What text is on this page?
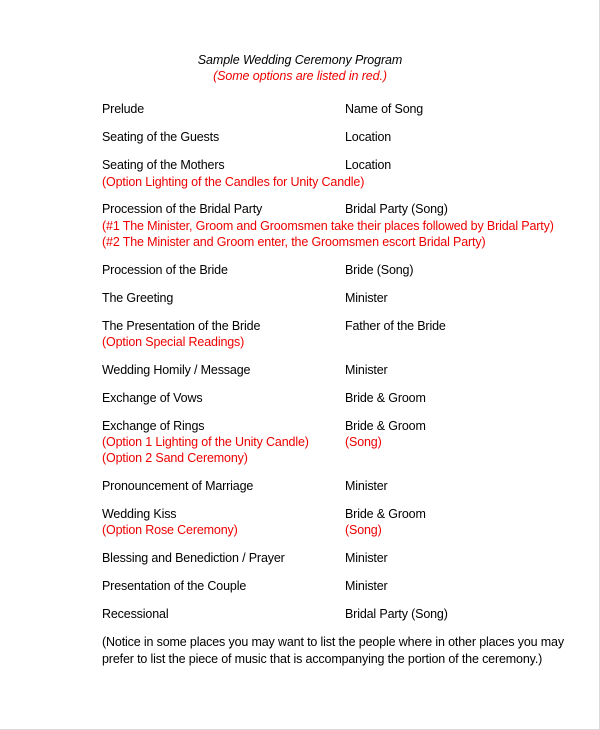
Sample Wedding Ceremony Program
(Some options are listed in red.)
Prelude	Name of Song
Seating of the Guests	Location
Seating of the Mothers	Location
(Option Lighting of the Candles for Unity Candle)
Procession of the Bridal Party	Bridal Party (Song)
(#1 The Minister, Groom and Groomsmen take their places followed by Bridal Party)
(#2 The Minister and Groom enter, the Groomsmen escort Bridal Party)
Procession of the Bride	Bride (Song)
The Greeting	Minister
The Presentation of the Bride	Father of the Bride
(Option Special Readings)
Wedding Homily / Message	Minister
Exchange of Vows	Bride & Groom
Exchange of Rings	Bride & Groom
(Option 1 Lighting of the Unity Candle)	(Song)
(Option 2 Sand Ceremony)
Pronouncement of Marriage	Minister
Wedding Kiss	Bride & Groom
(Option Rose Ceremony)	(Song)
Blessing and Benediction / Prayer	Minister
Presentation of the Couple	Minister
Recessional	Bridal Party (Song)
(Notice in some places you may want to list the people where in other places you may
prefer to list the piece of music that is accompanying the portion of the ceremony.)
